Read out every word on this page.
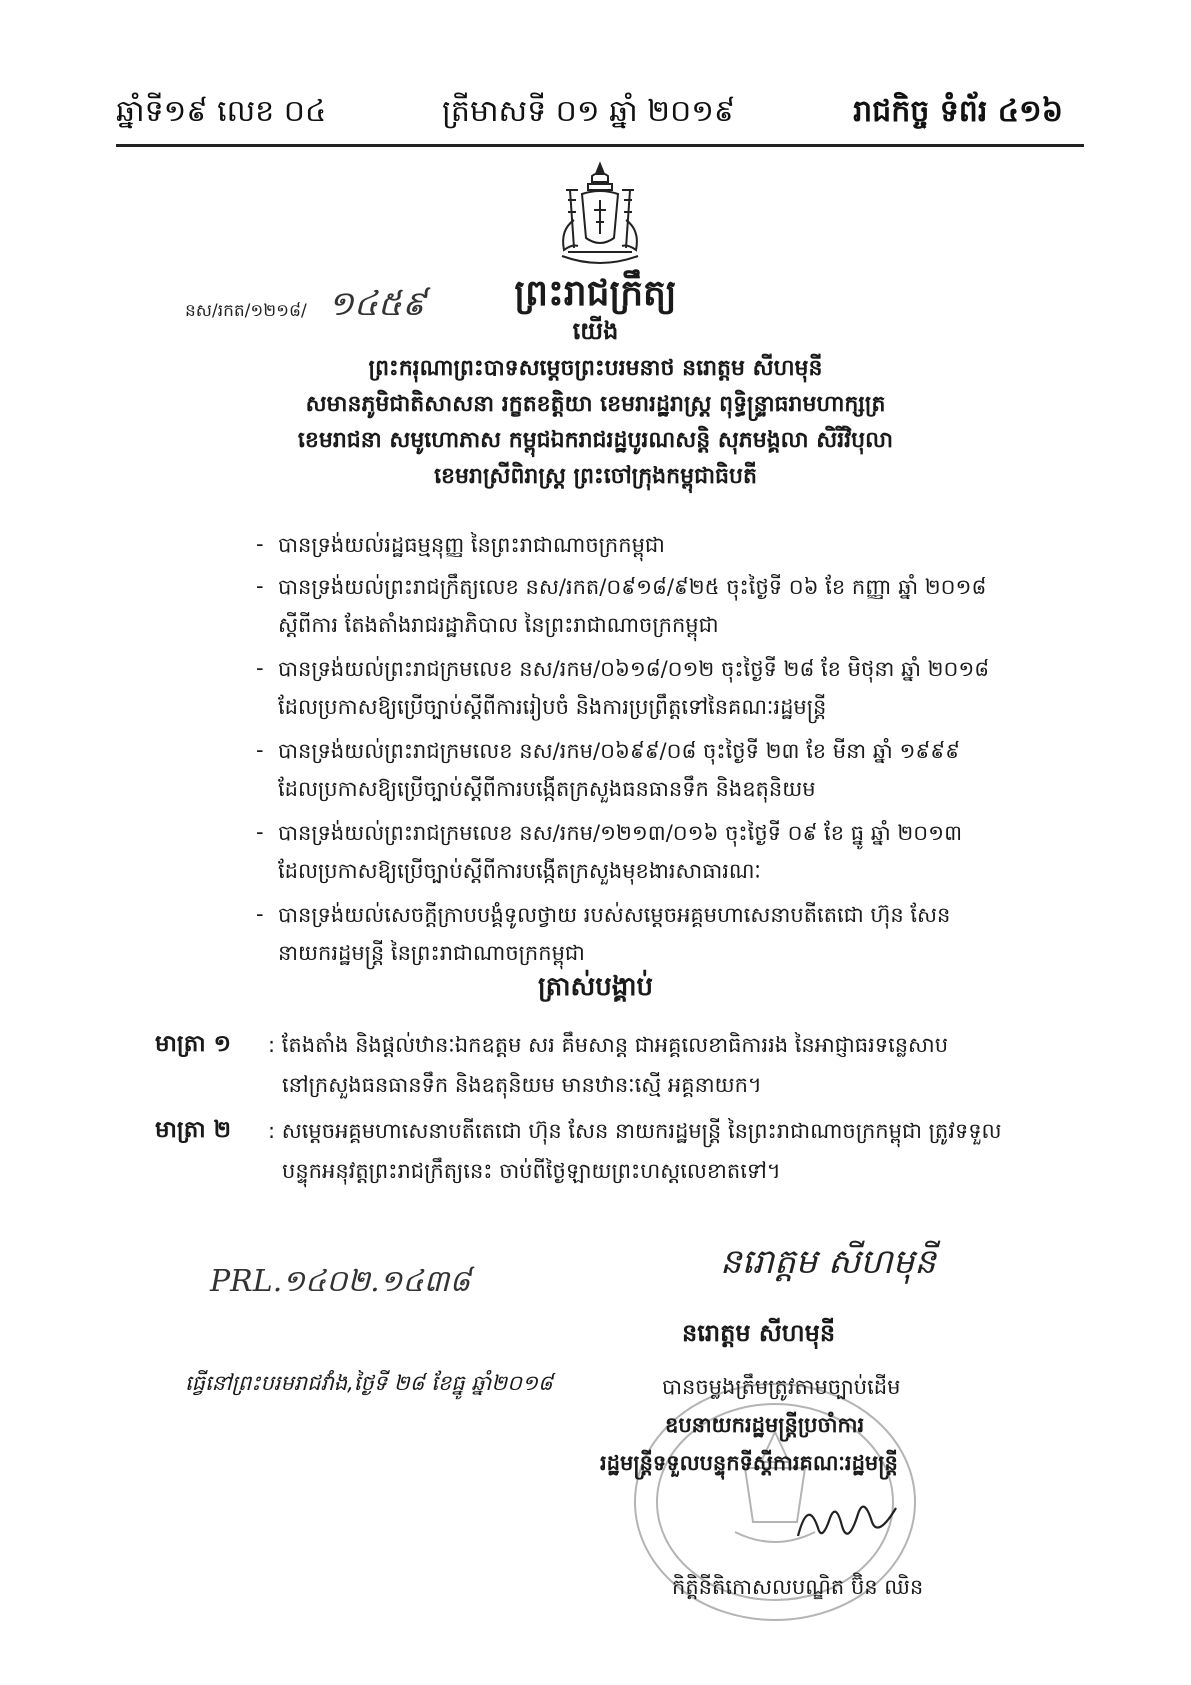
ឆ្នាំទី១៩ លេខ ០៤	ត្រីមាសទី ០១ ឆ្នាំ ២០១៩	រាជកិច្ច ទំព័រ ៤១៦
នស/រកត/១២១៨/ ១៤៥៩	ព្រះរាជក្រឹត្យ
យើង
ព្រះករុណាព្រះបាទសម្តេចព្រះបរមនាថ នរោត្តម សីហមុនី
សមានភូមិជាតិសាសនា រក្ខតខត្តិយា ខេមរារដ្ឋរាស្ត្រ ពុទ្ធិន្ទ្រាធរាមហាក្សត្រ
ខេមរាជនា សមូហោភាស កម្ពុជឯករាជរដ្ឋបូរណសន្តិ សុភមង្គលា សិរីវិបុលា
ខេមរាស្រីពិរាស្ត្រ ព្រះចៅក្រុងកម្ពុជាធិបតី
- បានទ្រង់យល់រដ្ឋធម្មនុញ្ញ នៃព្រះរាជាណាចក្រកម្ពុជា
- បានទ្រង់យល់ព្រះរាជក្រឹត្យលេខ នស/រកត/០៩១៨/៩២៥ ចុះថ្ងៃទី ០៦ ខែ កញ្ញា ឆ្នាំ ២០១៨
ស្តីពីការ តែងតាំងរាជរដ្ឋាភិបាល នៃព្រះរាជាណាចក្រកម្ពុជា
- បានទ្រង់យល់ព្រះរាជក្រមលេខ នស/រកម/០៦១៨/០១២ ចុះថ្ងៃទី ២៨ ខែ មិថុនា ឆ្នាំ ២០១៨
ដែលប្រកាសឱ្យប្រើច្បាប់ស្តីពីការរៀបចំ និងការប្រព្រឹត្តទៅនៃគណៈរដ្ឋមន្ត្រី
- បានទ្រង់យល់ព្រះរាជក្រមលេខ នស/រកម/០៦៩៩/០៨ ចុះថ្ងៃទី ២៣ ខែ មីនា ឆ្នាំ ១៩៩៩
ដែលប្រកាសឱ្យប្រើច្បាប់ស្តីពីការបង្កើតក្រសួងធនធានទឹក និងឧតុនិយម
- បានទ្រង់យល់ព្រះរាជក្រមលេខ នស/រកម/១២១៣/០១៦ ចុះថ្ងៃទី ០៩ ខែ ធ្នូ ឆ្នាំ ២០១៣
ដែលប្រកាសឱ្យប្រើច្បាប់ស្តីពីការបង្កើតក្រសួងមុខងារសាធារណៈ
- បានទ្រង់យល់សេចក្តីក្រាបបង្គំទូលថ្វាយ របស់សម្តេចអគ្គមហាសេនាបតីតេជោ ហ៊ុន សែន
នាយករដ្ឋមន្ត្រី នៃព្រះរាជាណាចក្រកម្ពុជា
ត្រាស់បង្គាប់
មាត្រា ១ : តែងតាំង និងផ្តល់ឋានៈឯកឧត្តម សរ គឹមសាន្ត ជាអគ្គលេខាធិការរង នៃអាជ្ញាធរទន្លេសាប
នៅក្រសួងធនធានទឹក និងឧតុនិយម មានឋានៈស្មើ អគ្គនាយក។
មាត្រា ២ : សម្តេចអគ្គមហាសេនាបតីតេជោ ហ៊ុន សែន នាយករដ្ឋមន្ត្រី នៃព្រះរាជាណាចក្រកម្ពុជា ត្រូវទទួល
បន្ទុកអនុវត្តព្រះរាជក្រឹត្យនេះ ចាប់ពីថ្ងៃឡាយព្រះហស្តលេខាតទៅ។
PRL.១៤០២.១៤៣៨	នរោត្តម សីហមុនី
នរោត្តម សីហមុនី
ធ្វើនៅព្រះបរមរាជវាំង,ថ្ងៃទី ២៨ ខែធ្នូ ឆ្នាំ២០១៨	បានចម្លងត្រឹមត្រូវតាមច្បាប់ដើម
ឧបនាយករដ្ឋមន្ត្រីប្រចាំការ
រដ្ឋមន្ត្រីទទួលបន្ទុកទីស្តីការគណៈរដ្ឋមន្ត្រី
កិត្តិនីតិកោសលបណ្ឌិត ប៊ិន ឈិន
